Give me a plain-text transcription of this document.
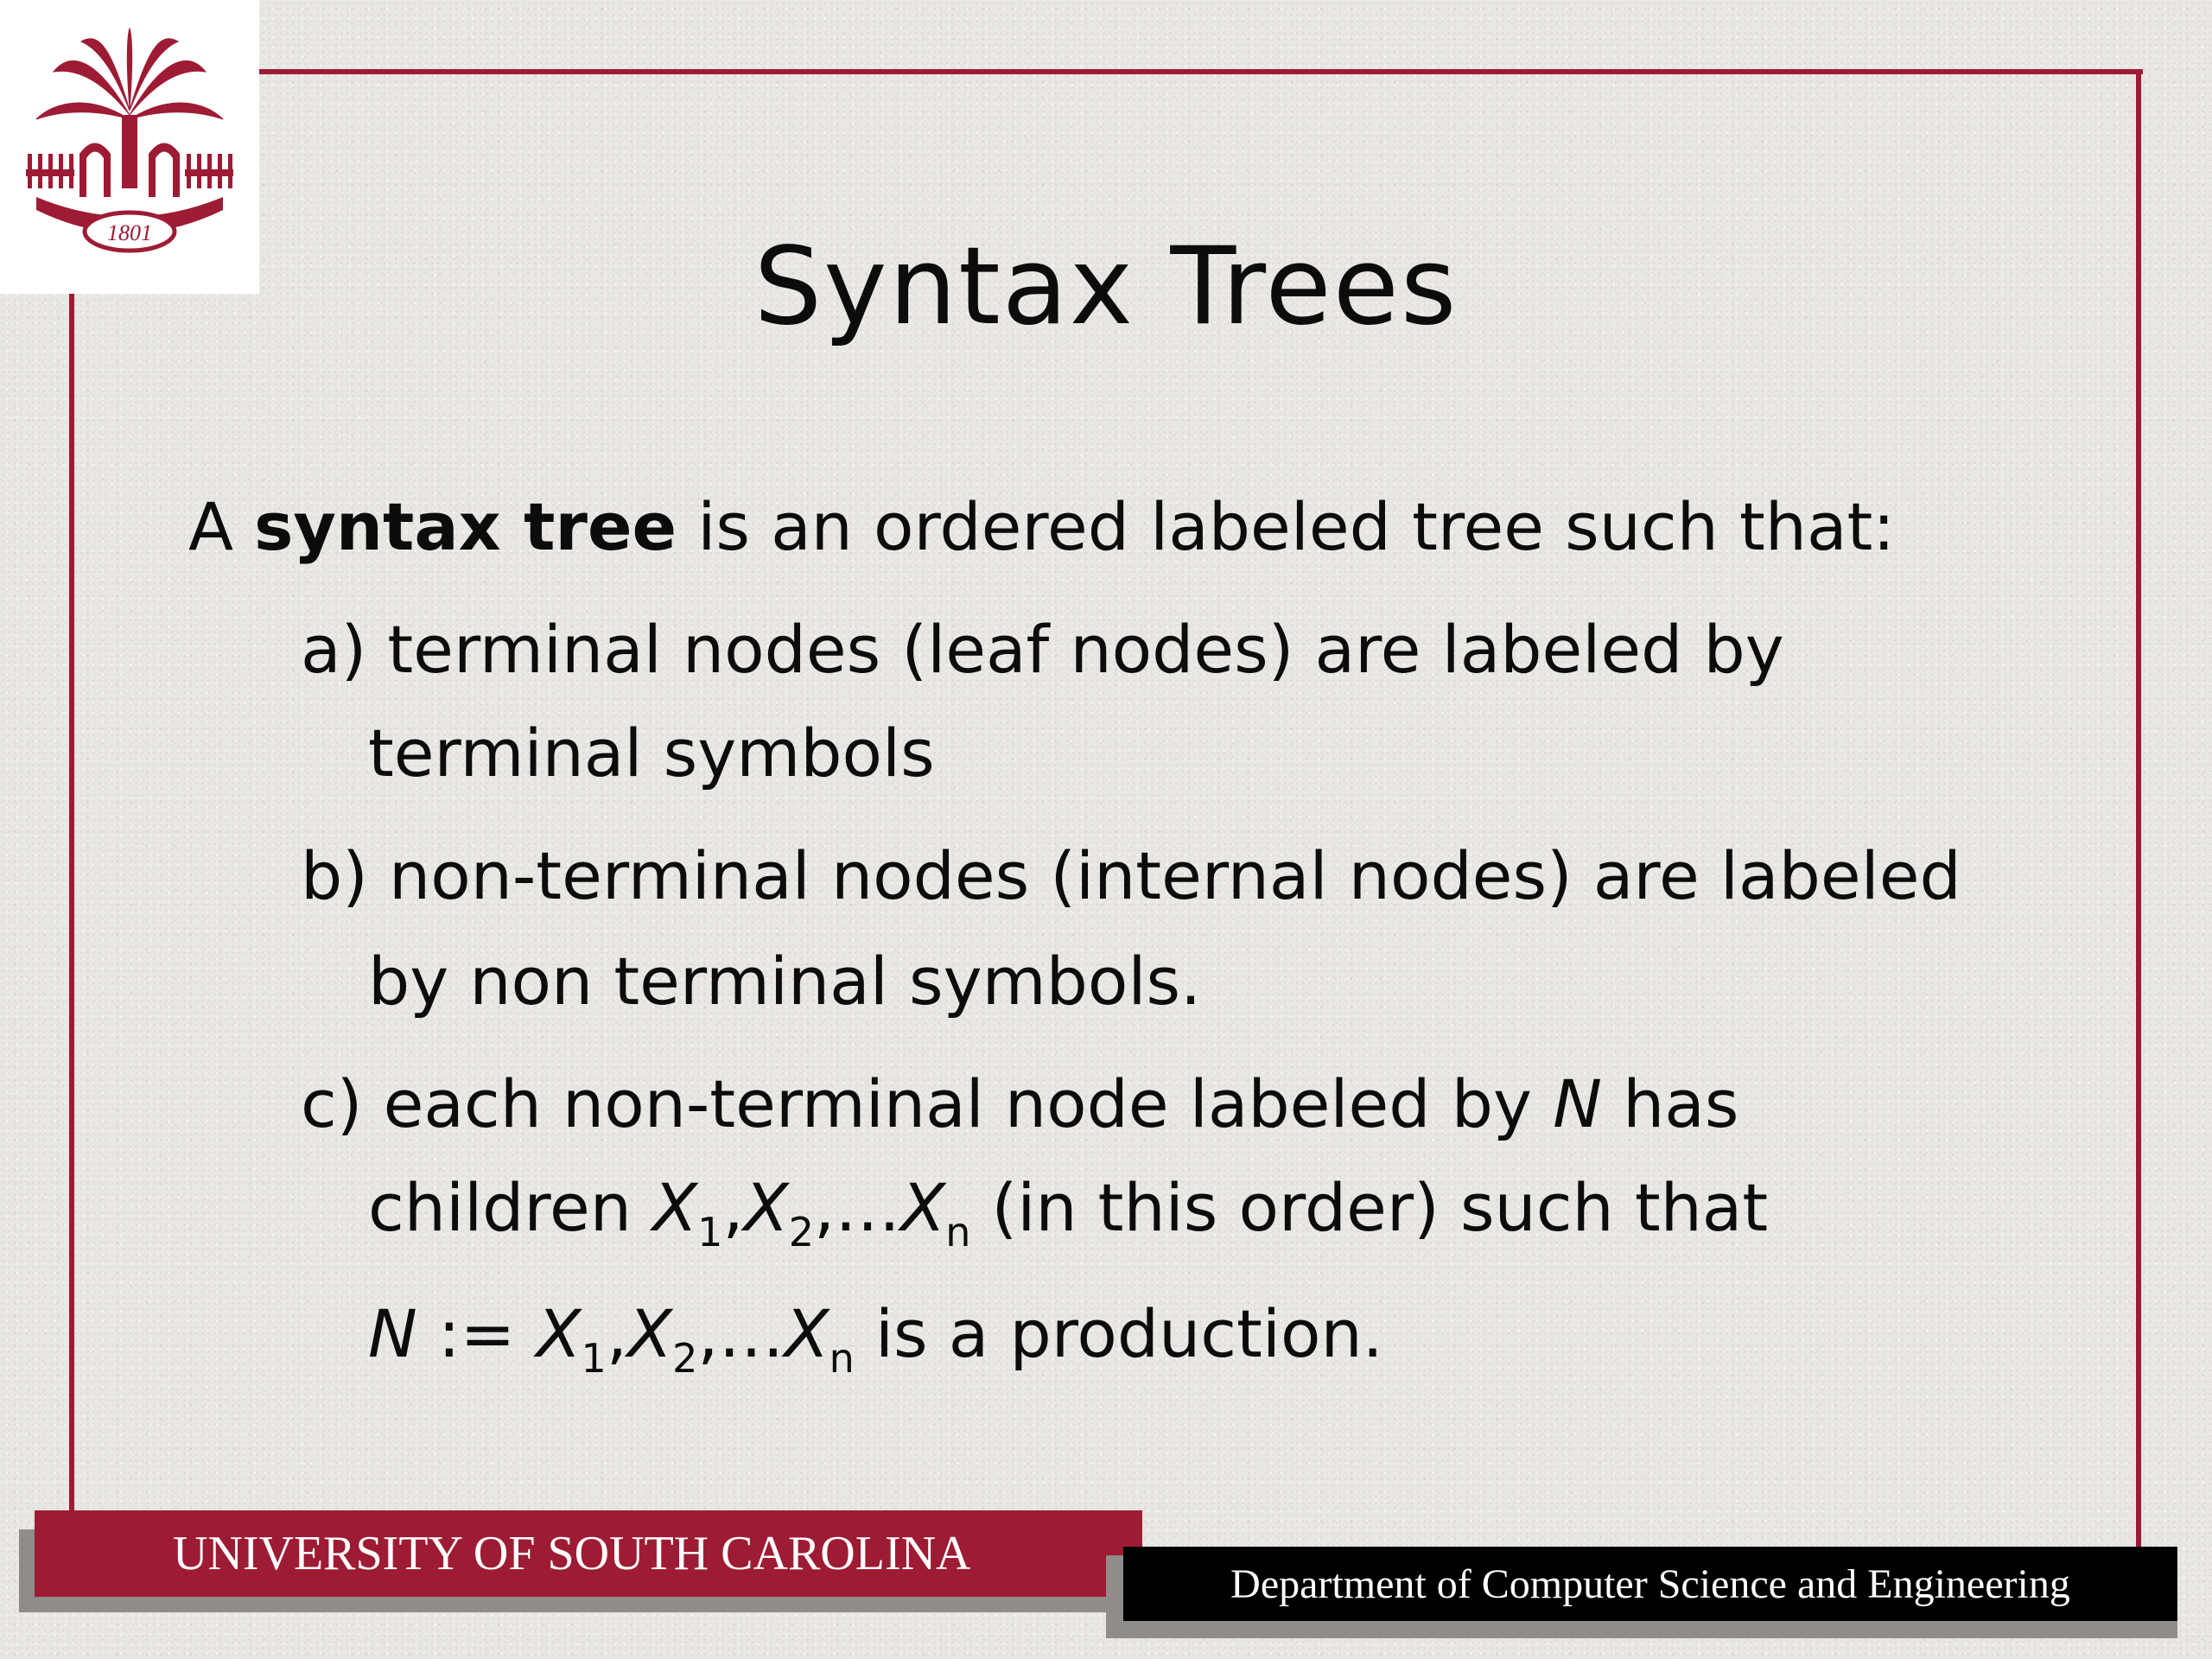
1801	Syntax Trees
A syntax tree is an ordered labeled tree such that:
a) terminal nodes (leaf nodes) are labeled by
terminal symbols
b) non-terminal nodes (internal nodes) are labeled
by non terminal symbols.
c) each non-terminal node labeled by N has
children $X_1,X_2,\dots X_n$ (in this order) such that
N := $X_1,X_2,\dots X_n$ is a production.
UNIVERSITY OF SOUTH CAROLINA
Department of Computer Science and Engineering
